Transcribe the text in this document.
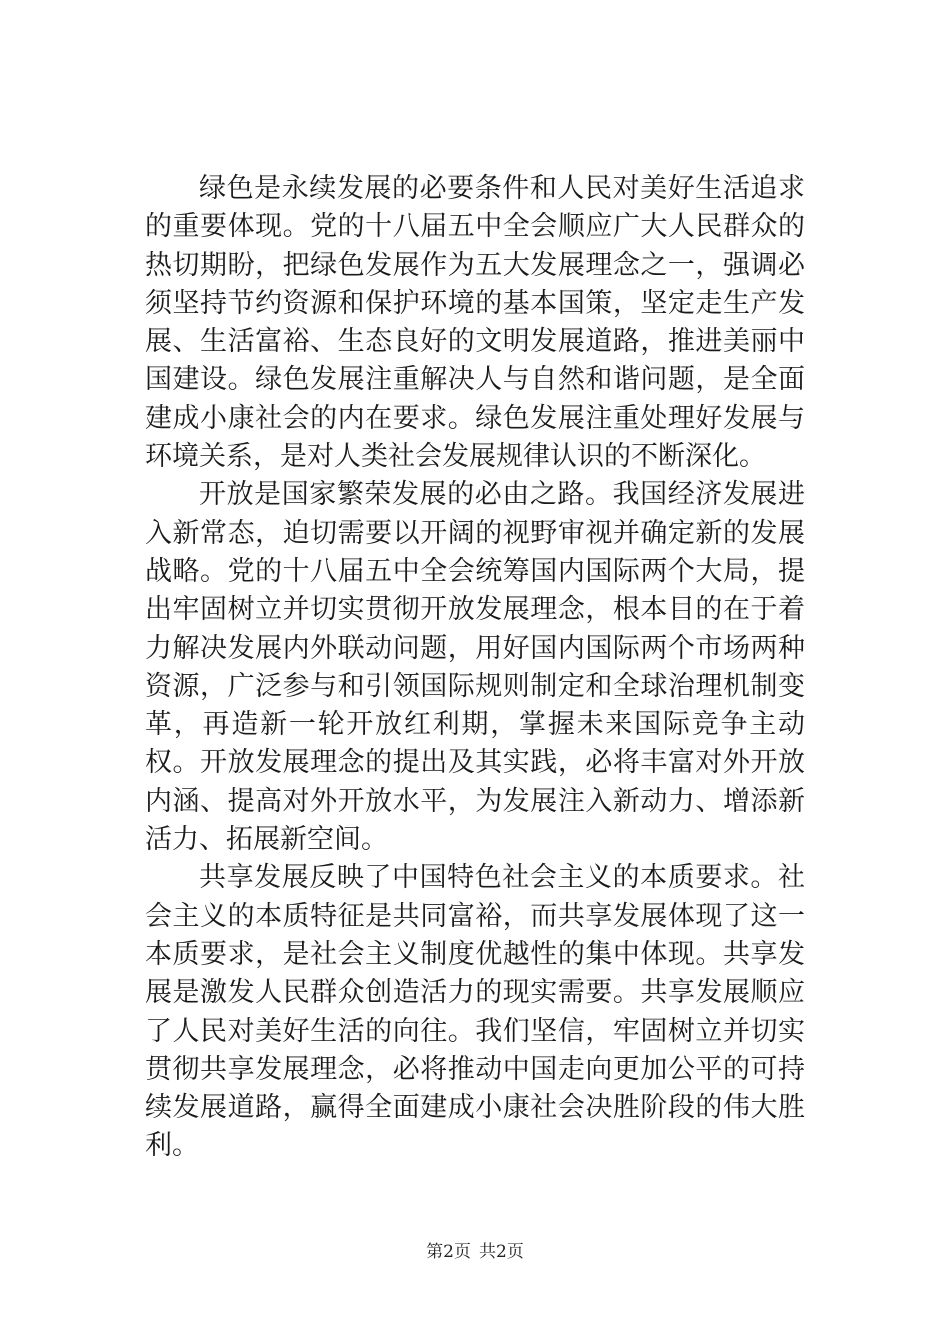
绿色是永续发展的必要条件和人民对美好生活追求的重要体现。党的十八届五中全会顺应广大人民群众的热切期盼，把绿色发展作为五大发展理念之一，强调必须坚持节约资源和保护环境的基本国策，坚定走生产发展、生活富裕、生态良好的文明发展道路，推进美丽中国建设。绿色发展注重解决人与自然和谐问题，是全面建成小康社会的内在要求。绿色发展注重处理好发展与环境关系，是对人类社会发展规律认识的不断深化。

开放是国家繁荣发展的必由之路。我国经济发展进入新常态，迫切需要以开阔的视野审视并确定新的发展战略。党的十八届五中全会统筹国内国际两个大局，提出牢固树立并切实贯彻开放发展理念，根本目的在于着力解决发展内外联动问题，用好国内国际两个市场两种资源，广泛参与和引领国际规则制定和全球治理机制变革，再造新一轮开放红利期，掌握未来国际竞争主动权。开放发展理念的提出及其实践，必将丰富对外开放内涵、提高对外开放水平，为发展注入新动力、增添新活力、拓展新空间。

共享发展反映了中国特色社会主义的本质要求。社会主义的本质特征是共同富裕，而共享发展体现了这一本质要求，是社会主义制度优越性的集中体现。共享发展是激发人民群众创造活力的现实需要。共享发展顺应了人民对美好生活的向往。我们坚信，牢固树立并切实贯彻共享发展理念，必将推动中国走向更加公平的可持续发展道路，赢得全面建成小康社会决胜阶段的伟大胜利。

第2页 共2页
